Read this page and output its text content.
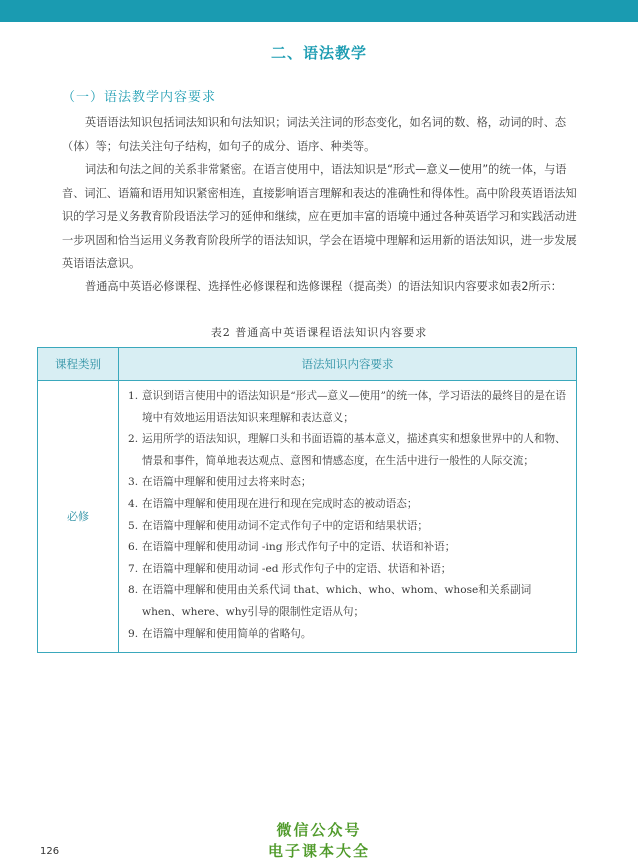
二、语法教学
（一）语法教学内容要求

英语语法知识包括词法知识和句法知识；词法关注词的形态变化，如名词的数、格，动词的时、态（体）等；句法关注句子结构，如句子的成分、语序、种类等。

词法和句法之间的关系非常紧密。在语言使用中，语法知识是“形式—意义—使用”的统一体，与语音、词汇、语篇和语用知识紧密相连，直接影响语言理解和表达的准确性和得体性。高中阶段英语语法知识的学习是义务教育阶段语法学习的延伸和继续，应在更加丰富的语境中通过各种英语学习和实践活动进一步巩固和恰当运用义务教育阶段所学的语法知识，学会在语境中理解和运用新的语法知识，进一步发展英语语法意识。

普通高中英语必修课程、选择性必修课程和选修课程（提高类）的语法知识内容要求如表2所示：

表2 普通高中英语课程语法知识内容要求
课程类别	语法知识内容要求
必修
1. 意识到语言使用中的语法知识是“形式—意义—使用”的统一体，学习语法的最终目的是在语境中有效地运用语法知识来理解和表达意义；
2. 运用所学的语法知识，理解口头和书面语篇的基本意义，描述真实和想象世界中的人和物、情景和事件，简单地表达观点、意图和情感态度，在生活中进行一般性的人际交流；
3. 在语篇中理解和使用过去将来时态；
4. 在语篇中理解和使用现在进行和现在完成时态的被动语态；
5. 在语篇中理解和使用动词不定式作句子中的定语和结果状语；
6. 在语篇中理解和使用动词 -ing 形式作句子中的定语、状语和补语；
7. 在语篇中理解和使用动词 -ed 形式作句子中的定语、状语和补语；
8. 在语篇中理解和使用由关系代词 that、which、who、whom、whose和关系副词when、where、why引导的限制性定语从句；
9. 在语篇中理解和使用简单的省略句。
微信公众号
电子课本大全
126
